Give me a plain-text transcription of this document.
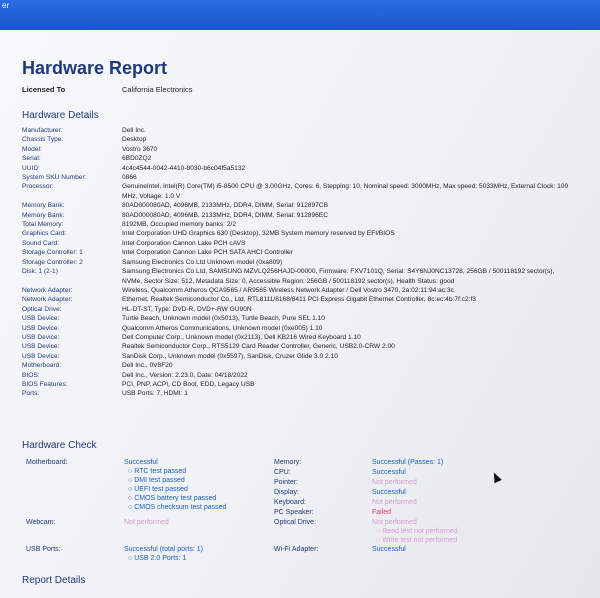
er
Hardware Report
Licensed To	California Electronics
Hardware Details
Manufacturer:	Dell Inc.
Chassis Type:	Desktop
Model:	Vostro 3670
Serial:	6BD0ZQ2
UUID:	4c4c4544-0042-4410-8030-b6c04f5a5132
System SKU Number:	0866
Processor:	GenuineIntel, Intel(R) Core(TM) i5-8500 CPU @ 3.00GHz, Cores: 6, Stepping: 10, Nominal speed: 3000MHz, Max speed: 5033MHz, External Clock: 100 MHz, Voltage: 1.0 V
Memory Bank:	80AD000080AD, 4096MB, 2133MHz, DDR4, DIMM, Serial: 912897CB
Memory Bank:	80AD000080AD, 4096MB, 2133MHz, DDR4, DIMM, Serial: 912896EC
Total Memory:	8192MB, Occupied memory banks: 2/2
Graphics Card:	Intel Corporation UHD Graphics 630 (Desktop), 32MB System memory reserved by EFI/BIOS
Sound Card:	Intel Corporation Cannon Lake PCH cAVS
Storage Controller: 1	Intel Corporation Cannon Lake PCH SATA AHCI Controller
Storage Controller: 2	Samsung Electronics Co Ltd Unknown model (0xa809)
Disk: 1 (2-1)	Samsung Electronics Co Ltd, SAMSUNG MZVLQ256HAJD-00000, Firmware: FXV7101Q, Serial: S4Y6NJ0NC13728, 256GB / 500118192 sector(s), NVMe, Sector Size: 512, Metadata Size: 0, Accessible Region: 256GB / 500118192 sector(s), Health Status: good
Network Adapter:	Wireless, Qualcomm Atheros QCA9565 / AR9565 Wireless Network Adapter / Dell Vostro 3470, 2a:02:11:94:ac:3c
Network Adapter:	Ethernet, Realtek Semiconductor Co., Ltd. RTL8111/8168/8411 PCI Express Gigabit Ethernet Controller, 8c:ec:4b:7f:c2:f3
Optical Drive:	HL-DT-ST, Type: DVD-R, DVD+-RW GU90N
USB Device:	Turtle Beach, Unknown model (0x5013), Turtle Beach, Pure SEL 1.10
USB Device:	Qualcomm Atheros Communications, Unknown model (0xe005) 1.10
USB Device:	Dell Computer Corp., Unknown model (0x2113), Dell KB216 Wired Keyboard 1.10
USB Device:	Realtek Semiconductor Corp., RTS5129 Card Reader Controller, Generic, USB2.0-CRW 2.00
USB Device:	SanDisk Corp., Unknown model (0x5597), SanDisk, Cruzer Glide 3.0 2.10
Motherboard:	Dell Inc., 0V8F20
BIOS:	Dell Inc., Version: 2.23.0, Date: 04/18/2022
BIOS Features:	PCI, PNP, ACPI, CD Boot, EDD, Legacy USB
Ports:	USB Ports: 7, HDMI: 1
Hardware Check
Motherboard:	Successful
○ RTC test passed
○ DMI test passed
○ UEFI test passed
○ CMOS battery test passed
○ CMOS checksum test passed
Webcam:	Not performed
USB Ports:	Successful (total ports: 1)
○ USB 2.0 Ports: 1
Memory:	Successful (Passes: 1)
CPU:	Successful
Pointer:	Not performed
Display:	Successful
Keyboard:	Not performed
PC Speaker:	Failed
Optical Drive:	Not performed
○ Read test not performed
○ Write test not performed
Wi-Fi Adapter:	Successful
Report Details
